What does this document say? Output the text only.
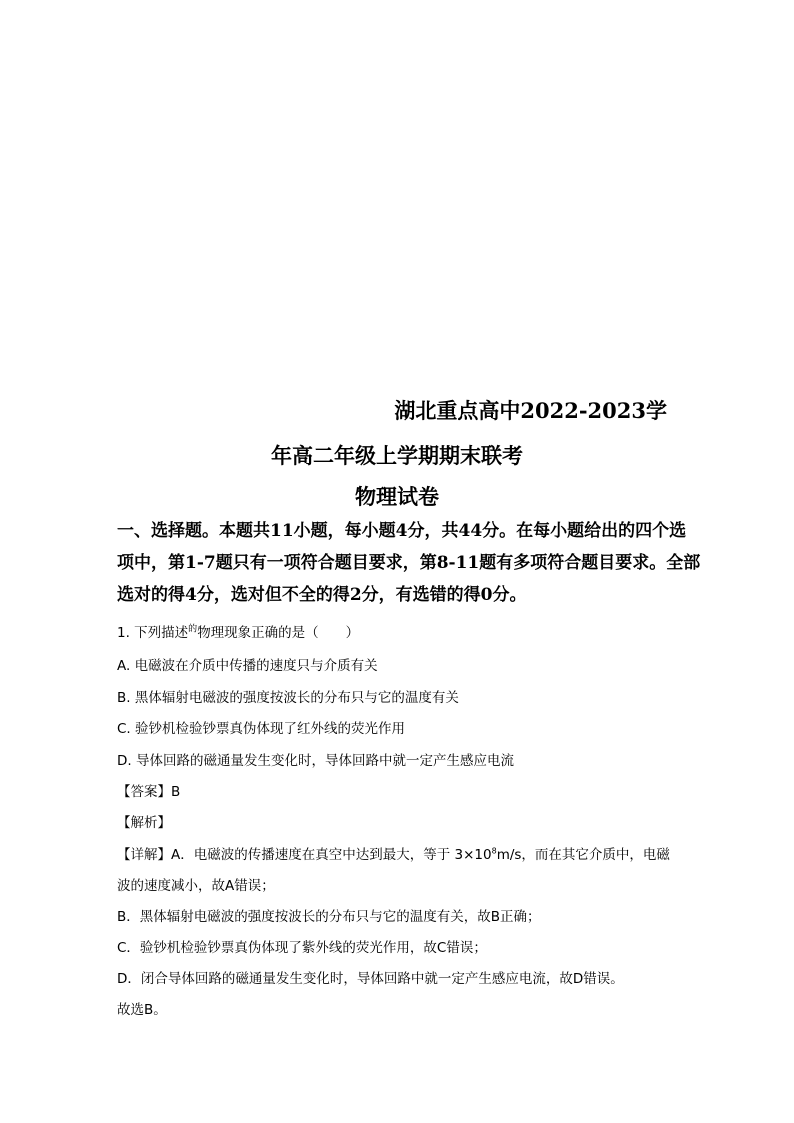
湖北重点高中2022-2023学
年高二年级上学期期末联考
物理试卷
一、选择题。本题共11小题，每小题4分，共44分。在每小题给出的四个选
项中，第1-7题只有一项符合题目要求，第8-11题有多项符合题目要求。全部
选对的得4分，选对但不全的得2分，有选错的得0分。
1. 下列描述$^的$物理现象正确的是（　　）
A. 电磁波在介质中传播的速度只与介质有关
B. 黑体辐射电磁波的强度按波长的分布只与它的温度有关
C. 验钞机检验钞票真伪体现了红外线的荧光作用
D. 导体回路的磁通量发生变化时，导体回路中就一定产生感应电流
【答案】B
【解析】
【详解】A．电磁波的传播速度在真空中达到最大，等于 $3\times 10^8m/s$，而在其它介质中，电磁
波的速度减小，故A错误；
B．黑体辐射电磁波的强度按波长的分布只与它的温度有关，故B正确；
C．验钞机检验钞票真伪体现了紫外线的荧光作用，故C错误；
D．闭合导体回路的磁通量发生变化时，导体回路中就一定产生感应电流，故D错误。
故选B。
